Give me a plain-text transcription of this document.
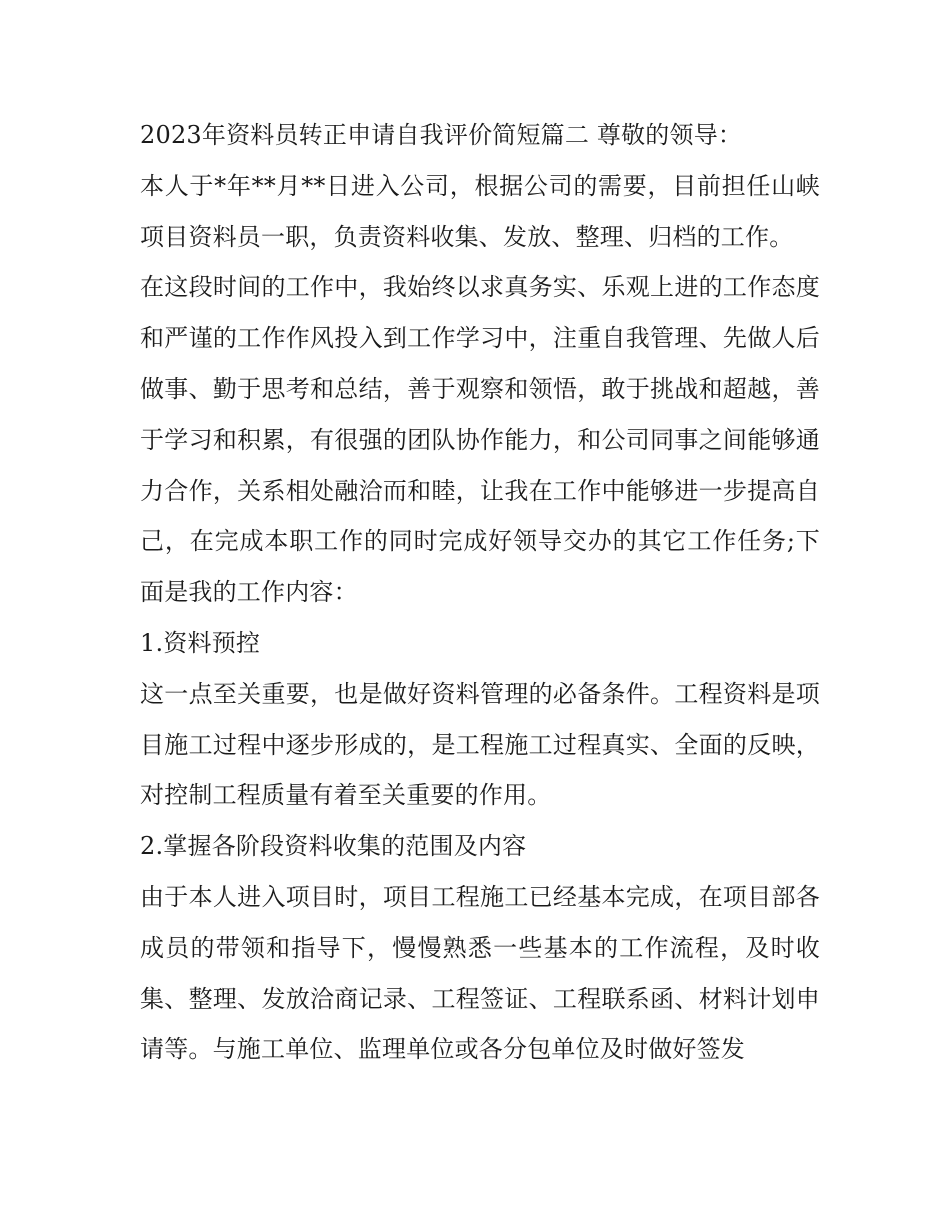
2023年资料员转正申请自我评价简短篇二 尊敬的领导：

本人于*年**月**日进入公司，根据公司的需要，目前担任山峡项目资料员一职，负责资料收集、发放、整理、归档的工作。

在这段时间的工作中，我始终以求真务实、乐观上进的工作态度和严谨的工作作风投入到工作学习中，注重自我管理、先做人后做事、勤于思考和总结，善于观察和领悟，敢于挑战和超越，善于学习和积累，有很强的团队协作能力，和公司同事之间能够通力合作，关系相处融洽而和睦，让我在工作中能够进一步提高自己，在完成本职工作的同时完成好领导交办的其它工作任务;下面是我的工作内容：

1.资料预控

这一点至关重要，也是做好资料管理的必备条件。工程资料是项目施工过程中逐步形成的，是工程施工过程真实、全面的反映，对控制工程质量有着至关重要的作用。

2.掌握各阶段资料收集的范围及内容

由于本人进入项目时，项目工程施工已经基本完成，在项目部各成员的带领和指导下，慢慢熟悉一些基本的工作流程，及时收集、整理、发放洽商记录、工程签证、工程联系函、材料计划申请等。与施工单位、监理单位或各分包单位及时做好签发
